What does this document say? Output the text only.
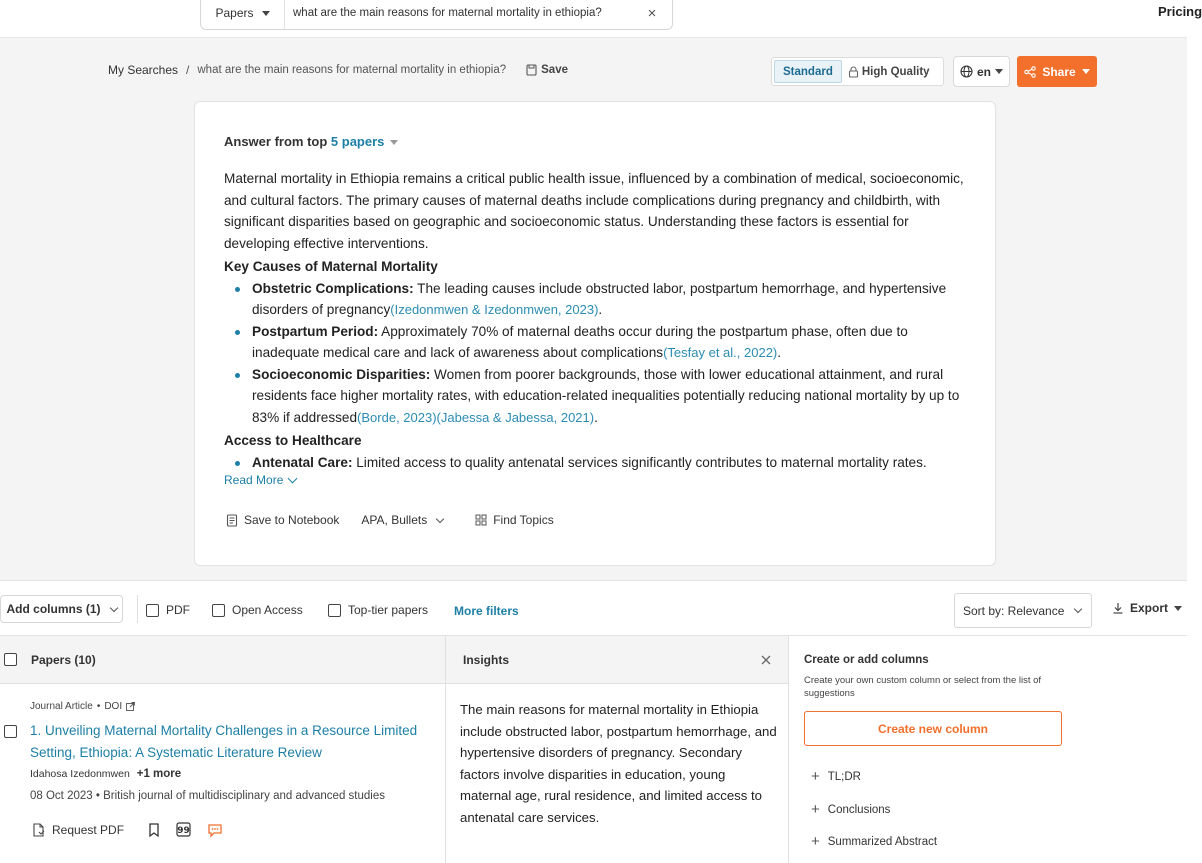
Papers	what are the main reasons for maternal mortality in ethiopia?	×	Pricing
My Searches / what are the main reasons for maternal mortality in ethiopia?	Save	Standard	High Quality	en	Share
Answer from top 5 papers

Maternal mortality in Ethiopia remains a critical public health issue, influenced by a combination of medical, socioeconomic, and cultural factors. The primary causes of maternal deaths include complications during pregnancy and childbirth, with significant disparities based on geographic and socioeconomic status. Understanding these factors is essential for developing effective interventions.

Key Causes of Maternal Mortality
Obstetric Complications: The leading causes include obstructed labor, postpartum hemorrhage, and hypertensive disorders of pregnancy(Izedonmwen & Izedonmwen, 2023).
Postpartum Period: Approximately 70% of maternal deaths occur during the postpartum phase, often due to inadequate medical care and lack of awareness about complications(Tesfay et al., 2022).
Socioeconomic Disparities: Women from poorer backgrounds, those with lower educational attainment, and rural residents face higher mortality rates, with education-related inequalities potentially reducing national mortality by up to 83% if addressed(Borde, 2023)(Jabessa & Jabessa, 2021).
Access to Healthcare
Antenatal Care: Limited access to quality antenatal services significantly contributes to maternal mortality rates.
Read More
Save to Notebook APA, Bullets	Find Topics
Add columns (1)	PDF	Open Access	Top-tier papers More filters	Sort by: Relevance	Export
Papers (10)	Insights
Journal Article • DOI
1. Unveiling Maternal Mortality Challenges in a Resource Limited Setting, Ethiopia: A Systematic Literature Review
Idahosa Izedonmwen +1 more
08 Oct 2023 • British journal of multidisciplinary and advanced studies
Request PDF	99
The main reasons for maternal mortality in Ethiopia include obstructed labor, postpartum hemorrhage, and hypertensive disorders of pregnancy. Secondary factors involve disparities in education, young maternal age, rural residence, and limited access to antenatal care services.
Create or add columns
Create your own custom column or select from the list of suggestions
Create new column
+ TL;DR
+ Conclusions
+ Summarized Abstract
